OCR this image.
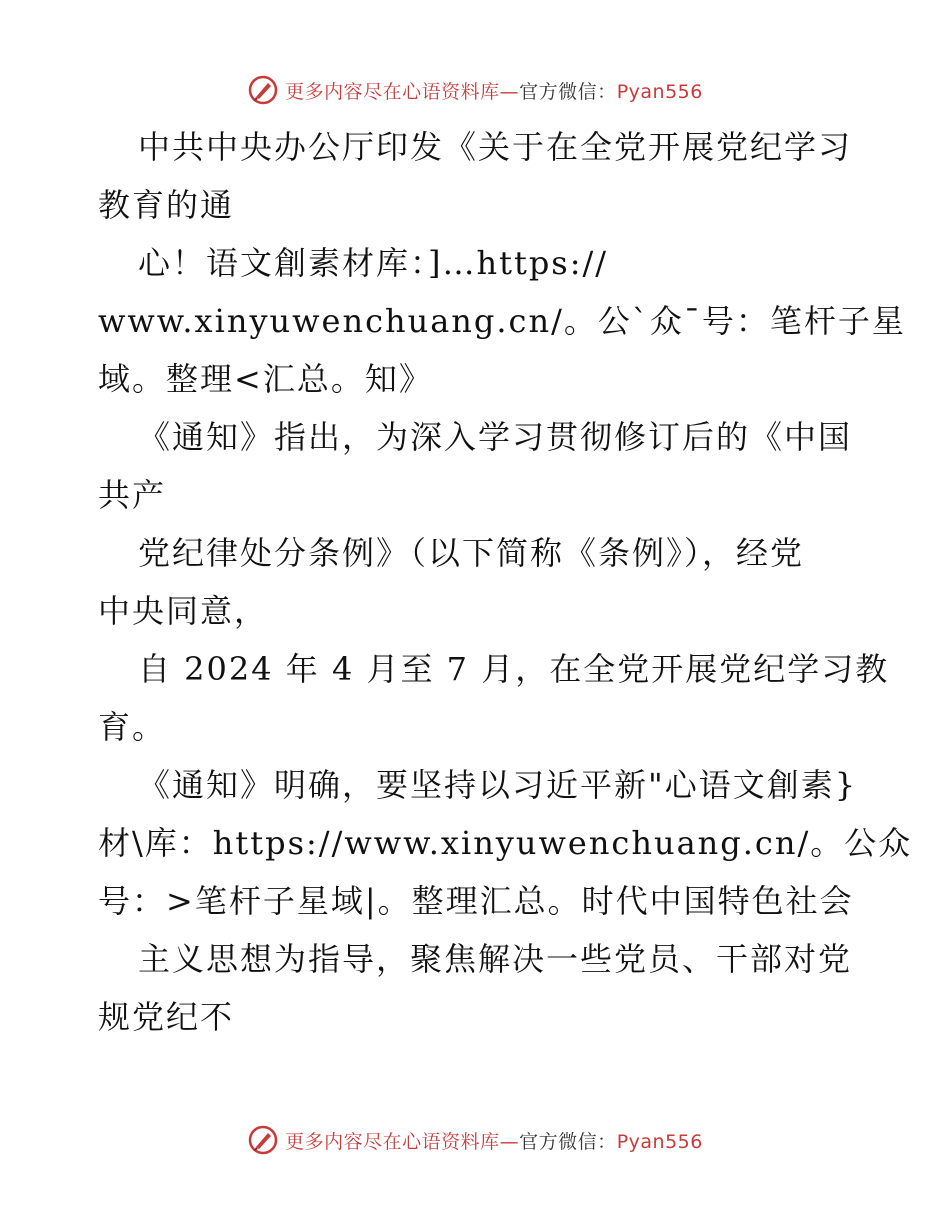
更多内容尽在心语资料库—官方微信：Pyan556
中共中央办公厅印发《关于在全党开展党纪学习
教育的通
心！语文創素材库：]…https://
www.xinyuwenchuang.cn/。公`众¯号：笔杆子星
域。整理<汇总。知》
《通知》指出，为深入学习贯彻修订后的《中国
共产
党纪律处分条例》（以下简称《条例》），经党
中央同意，
自 2024 年 4 月至 7 月，在全党开展党纪学习教
育。
《通知》明确，要坚持以习近平新"心语文創素}
材\库：https://www.xinyuwenchuang.cn/。公众
号：>笔杆子星域|。整理汇总。时代中国特色社会
主义思想为指导，聚焦解决一些党员、干部对党
规党纪不
更多内容尽在心语资料库—官方微信：Pyan556
